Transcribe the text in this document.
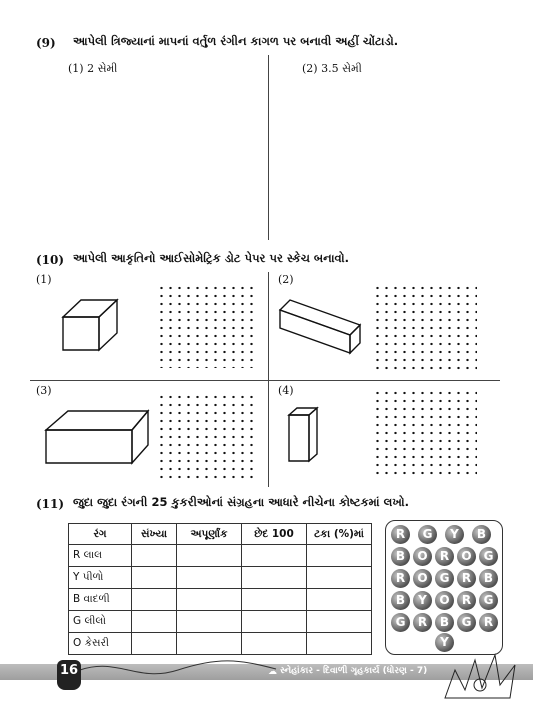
(9) આપેલી ત્રિજ્યાનાં માપનાં વર્તુળ રંગીન કાગળ પર બનાવી અહીં ચોંટાડો.
(1) 2 સેમી	(2) 3.5 સેમી
(10) આપેલી આકૃતિનો આઈસોમેટ્રિક ડોટ પેપર પર સ્કેચ બનાવો.
(1)	(2)
(3)	(4)
(11) જુદા જુદા રંગની 25 કુકરીઓનાં સંગ્રહના આધારે નીચેના કોષ્ટકમાં લખો.
રંગ	સંખ્યા	અપૂર્ણાંક	છેદ 100	ટકા (%)માં
R લાલ				
Y પીળો				
B વાદળી				
G લીલો				
O કેસરી				
R	G	Y	B
B	O	R	O G
R	O G	R	B
B	Y	O	R	G
G	R	B	G	R
Y
16	☁ સ્નેહાંકાર - દિવાળી ગૃહકાર્ય (ધોરણ - 7)
